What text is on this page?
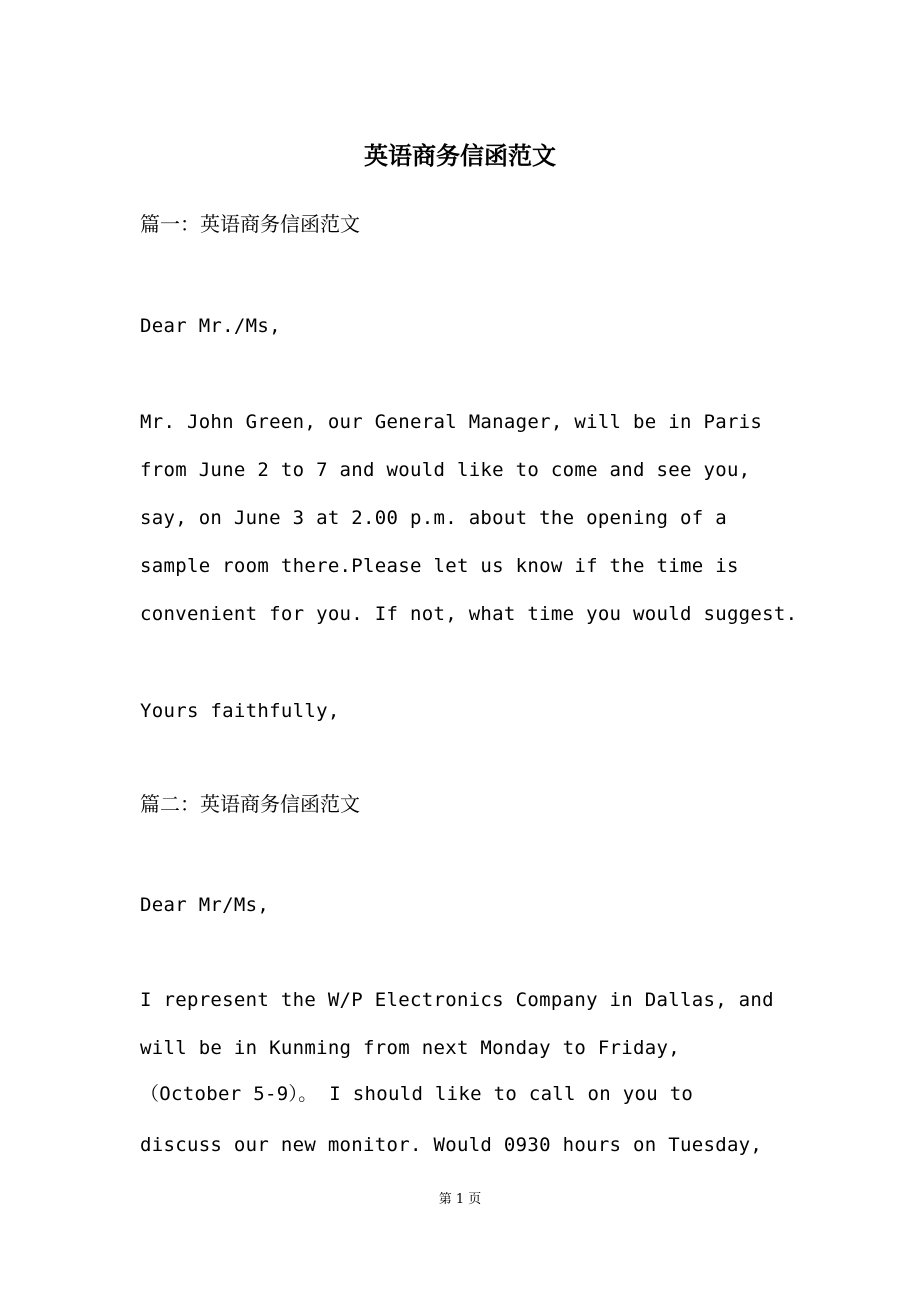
英语商务信函范文

篇一：英语商务信函范文

Dear Mr./Ms,

Mr. John Green, our General Manager, will be in Paris

from June 2 to 7 and would like to come and see you,

say, on June 3 at 2.00 p.m. about the opening of a

sample room there.Please let us know if the time is

convenient for you. If not, what time you would suggest.

Yours faithfully,

篇二：英语商务信函范文

Dear Mr/Ms,

I represent the W/P Electronics Company in Dallas, and

will be in Kunming from next Monday to Friday,

（October 5-9）。 I should like to call on you to

discuss our new monitor. Would 0930 hours on Tuesday,

第 1 页
